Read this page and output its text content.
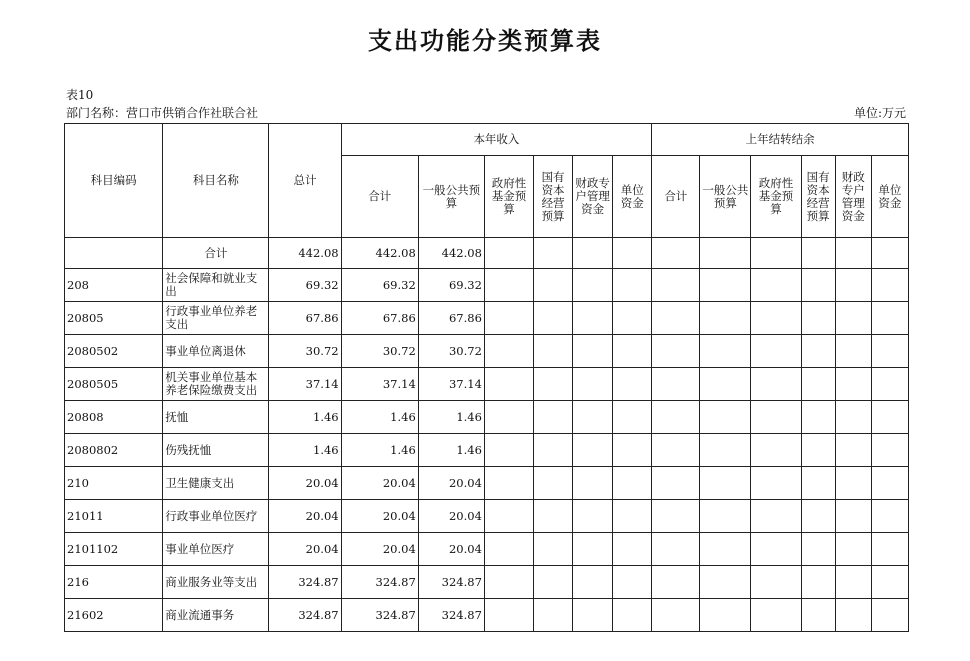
支出功能分类预算表
表10
部门名称：营口市供销合作社联合社	单位:万元
科目编码	科目名称	总计	本年收入						上年结转结余					
			合计	一般公共预算	政府性基金预算	国有资本经营预算	财政专户管理资金	单位资金	合计	一般公共预算	政府性基金预算	国有资本经营预算	财政专户管理资金	单位资金
	合计	442.08	442.08	442.08										
208	社会保障和就业支出	69.32	69.32	69.32										
20805	行政事业单位养老支出	67.86	67.86	67.86										
2080502	事业单位离退休	30.72	30.72	30.72										
2080505	机关事业单位基本养老保险缴费支出	37.14	37.14	37.14										
20808	抚恤	1.46	1.46	1.46										
2080802	伤残抚恤	1.46	1.46	1.46										
210	卫生健康支出	20.04	20.04	20.04										
21011	行政事业单位医疗	20.04	20.04	20.04										
2101102	事业单位医疗	20.04	20.04	20.04										
216	商业服务业等支出	324.87	324.87	324.87										
21602	商业流通事务	324.87	324.87	324.87										
